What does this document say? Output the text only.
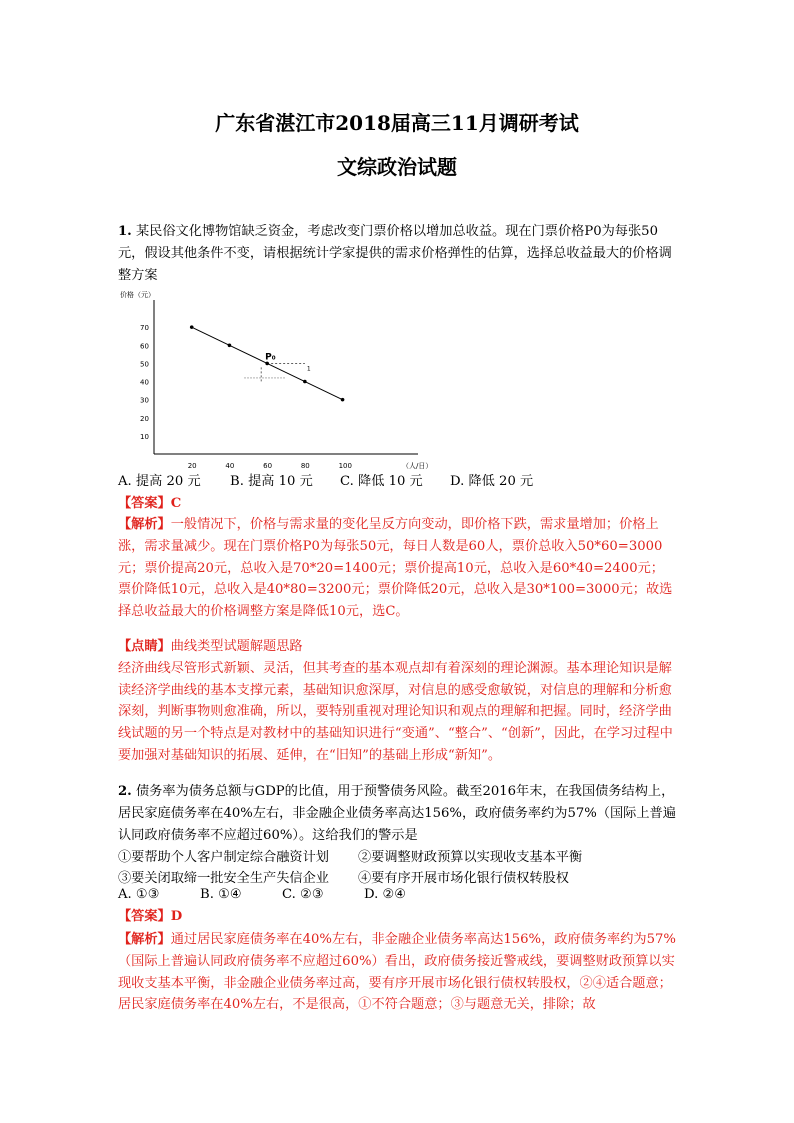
广东省湛江市2018届高三11月调研考试
文综政治试题
1. 某民俗文化博物馆缺乏资金，考虑改变门票价格以增加总收益。现在门票价格P0为每张50元，假设其他条件不变，请根据统计学家提供的需求价格弹性的估算，选择总收益最大的价格调整方案
价格（元）
（人/日）
70
60
50
40
30
20
10
20	40	60	80	100
P₀
1
A. 提高 20 元 B. 提高 10 元 C. 降低 10 元 D. 降低 20 元
【答案】C
【解析】一般情况下，价格与需求量的变化呈反方向变动，即价格下跌，需求量增加；价格上涨，需求量减少。现在门票价格P0为每张50元，每日人数是60人，票价总收入50*60=3000元；票价提高20元，总收入是70*20=1400元；票价提高10元，总收入是60*40=2400元；票价降低10元，总收入是40*80=3200元；票价降低20元，总收入是30*100=3000元；故选择总收益最大的价格调整方案是降低10元，选C。
【点睛】曲线类型试题解题思路
经济曲线尽管形式新颖、灵活，但其考查的基本观点却有着深刻的理论渊源。基本理论知识是解读经济学曲线的基本支撑元素，基础知识愈深厚，对信息的感受愈敏锐，对信息的理解和分析愈深刻，判断事物则愈准确，所以，要特别重视对理论知识和观点的理解和把握。同时，经济学曲线试题的另一个特点是对教材中的基础知识进行“变通”、“整合”、“创新”，因此，在学习过程中要加强对基础知识的拓展、延伸，在“旧知”的基础上形成“新知”。
2. 债务率为债务总额与GDP的比值，用于预警债务风险。截至2016年末，在我国债务结构上，居民家庭债务率在40%左右，非金融企业债务率高达156%，政府债务率约为57%（国际上普遍认同政府债务率不应超过60%）。这给我们的警示是
①要帮助个人客户制定综合融资计划 ②要调整财政预算以实现收支基本平衡
③要关闭取缔一批安全生产失信企业 ④要有序开展市场化银行债权转股权
A. ①③	B. ①④	C. ②③	D. ②④
【答案】D
【解析】通过居民家庭债务率在40%左右，非金融企业债务率高达156%，政府债务率约为57%（国际上普遍认同政府债务率不应超过60%）看出，政府债务接近警戒线，要调整财政预算以实现收支基本平衡，非金融企业债务率过高，要有序开展市场化银行债权转股权，②④适合题意；居民家庭债务率在40%左右，不是很高，①不符合题意；③与题意无关，排除；故
